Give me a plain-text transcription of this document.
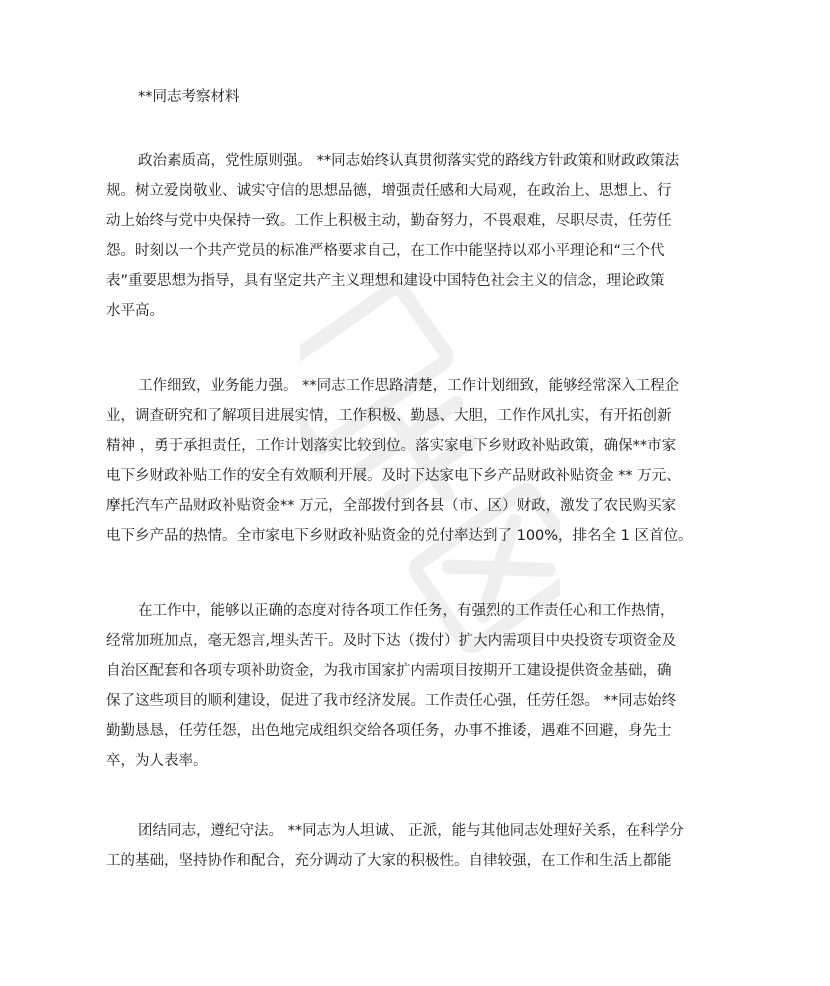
**同志考察材料
政治素质高，党性原则强。 **同志始终认真贯彻落实党的路线方针政策和财政政策法
规。树立爱岗敬业、诚实守信的思想品德，增强责任感和大局观，在政治上、思想上、行
动上始终与党中央保持一致。工作上积极主动，勤奋努力，不畏艰难，尽职尽责，任劳任
怨。时刻以一个共产党员的标准严格要求自己，在工作中能坚持以邓小平理论和“三个代
表”重要思想为指导，具有坚定共产主义理想和建设中国特色社会主义的信念，理论政策
水平高。
工作细致，业务能力强。 **同志工作思路清楚，工作计划细致，能够经常深入工程企
业，调查研究和了解项目进展实情，工作积极、勤恳、大胆，工作作风扎实，有开拓创新
精神 ，勇于承担责任，工作计划落实比较到位。落实家电下乡财政补贴政策，确保**市家
电下乡财政补贴工作的安全有效顺利开展。及时下达家电下乡产品财政补贴资金 ** 万元、
摩托汽车产品财政补贴资金** 万元，全部拨付到各县（市、区）财政，激发了农民购买家
电下乡产品的热情。全市家电下乡财政补贴资金的兑付率达到了 100%，排名全 1 区首位。
在工作中，能够以正确的态度对待各项工作任务，有强烈的工作责任心和工作热情，
经常加班加点，毫无怨言,埋头苦干。及时下达（拨付）扩大内需项目中央投资专项资金及
自治区配套和各项专项补助资金，为我市国家扩内需项目按期开工建设提供资金基础，确
保了这些项目的顺利建设，促进了我市经济发展。工作责任心强，任劳任怨。 **同志始终
勤勤恳恳，任劳任怨，出色地完成组织交给各项任务，办事不推诿，遇难不回避，身先士
卒，为人表率。
团结同志，遵纪守法。 **同志为人坦诚、 正派，能与其他同志处理好关系，在科学分
工的基础，坚持协作和配合，充分调动了大家的积极性。自律较强，在工作和生活上都能
